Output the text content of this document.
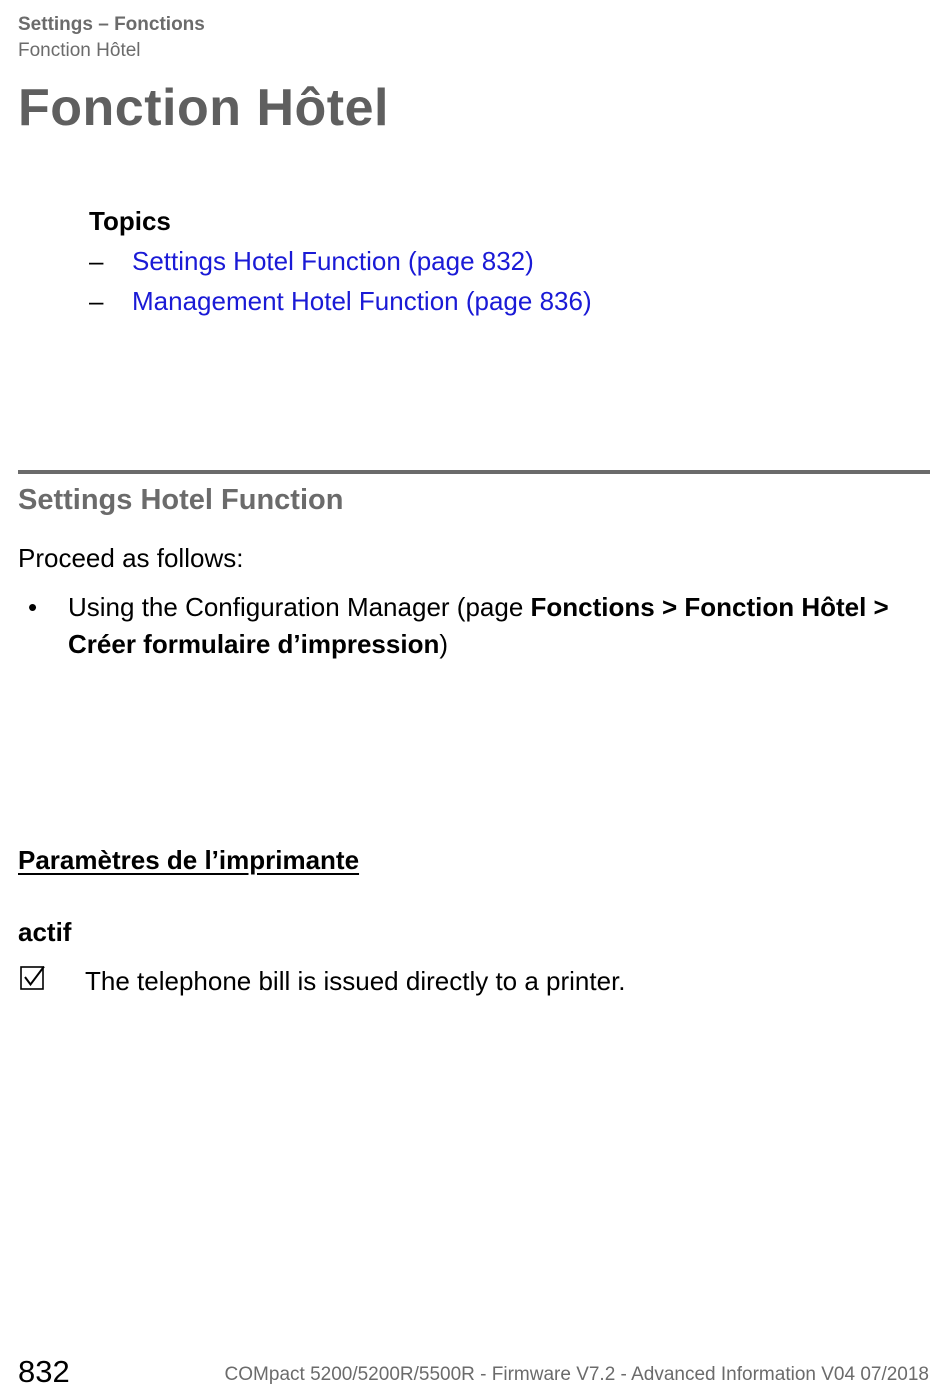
Settings – Fonctions
Fonction Hôtel
Fonction Hôtel
Topics
– Settings Hotel Function (page 832)
– Management Hotel Function (page 836)
Settings Hotel Function
Proceed as follows:
• Using the Configuration Manager (page Fonctions > Fonction Hôtel >
Créer formulaire d’impression)
Paramètres de l’imprimante
actif
The telephone bill is issued directly to a printer.
832	COMpact 5200/5200R/5500R - Firmware V7.2 - Advanced Information V04 07/2018
